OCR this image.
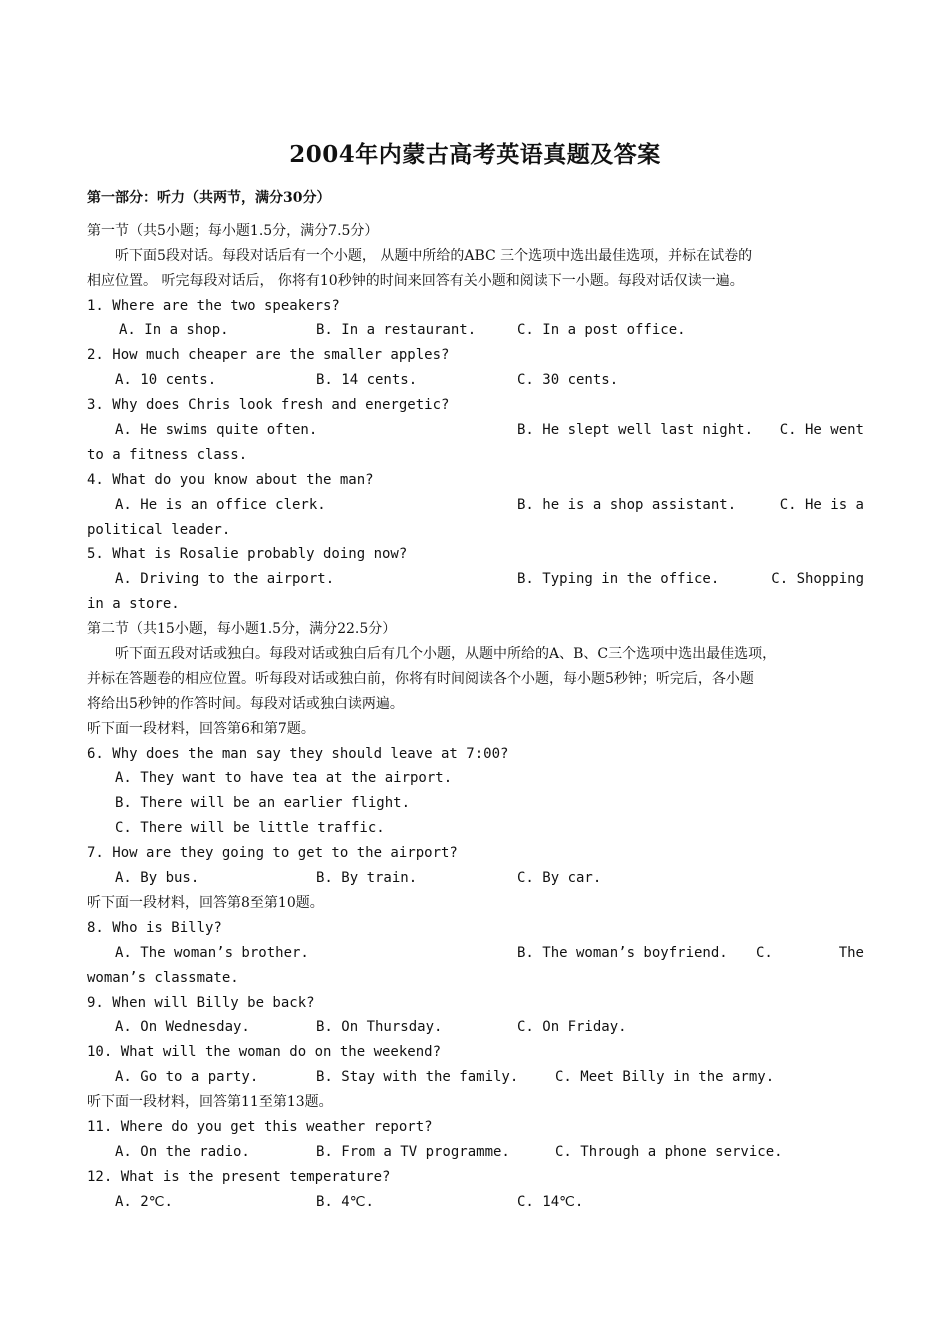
2004年内蒙古高考英语真题及答案
第一部分：听力（共两节，满分30分）
第一节（共5小题；每小题1.5分，满分7.5分）
听下面5段对话。每段对话后有一个小题， 从题中所给的ABC 三个选项中选出最佳选项，并标在试卷的
相应位置。 听完每段对话后， 你将有10秒钟的时间来回答有关小题和阅读下一小题。每段对话仅读一遍。
1. Where are the two speakers?
A. In a shop.	B. In a restaurant.	C. In a post office.
2. How much cheaper are the smaller apples?
A. 10 cents.	B. 14 cents.	C. 30 cents.
3. Why does Chris look fresh and energetic?
A. He swims quite often.	B. He slept well last night. C. He went
to a fitness class.
4. What do you know about the man?
A. He is an office clerk.	B. he is a shop assistant.	C. He is a
political leader.
5. What is Rosalie probably doing now?
A. Driving to the airport.	B. Typing in the office.	C. Shopping
in a store.
第二节（共15小题，每小题1.5分，满分22.5分）
听下面五段对话或独白。每段对话或独白后有几个小题，从题中所给的A、B、C三个选项中选出最佳选项，
并标在答题卷的相应位置。听每段对话或独白前，你将有时间阅读各个小题，每小题5秒钟；听完后，各小题
将给出5秒钟的作答时间。每段对话或独白读两遍。
听下面一段材料，回答第6和第7题。
6. Why does the man say they should leave at 7:00?
A. They want to have tea at the airport.
B. There will be an earlier flight.
C. There will be little traffic.
7. How are they going to get to the airport?
A. By bus.	B. By train.	C. By car.
听下面一段材料，回答第8至第10题。
8. Who is Billy?
A. The woman’s brother.	B. The woman’s boyfriend. C.	The
woman’s classmate.
9. When will Billy be back?
A. On Wednesday.	B. On Thursday.	C. On Friday.
10. What will the woman do on the weekend?
A. Go to a party.	B. Stay with the family.	C. Meet Billy in the army.
听下面一段材料，回答第11至第13题。
11. Where do you get this weather report?
A. On the radio.	B. From a TV programme.	C. Through a phone service.
12. What is the present temperature?
A. 2℃.	B. 4℃.	C. 14℃.
